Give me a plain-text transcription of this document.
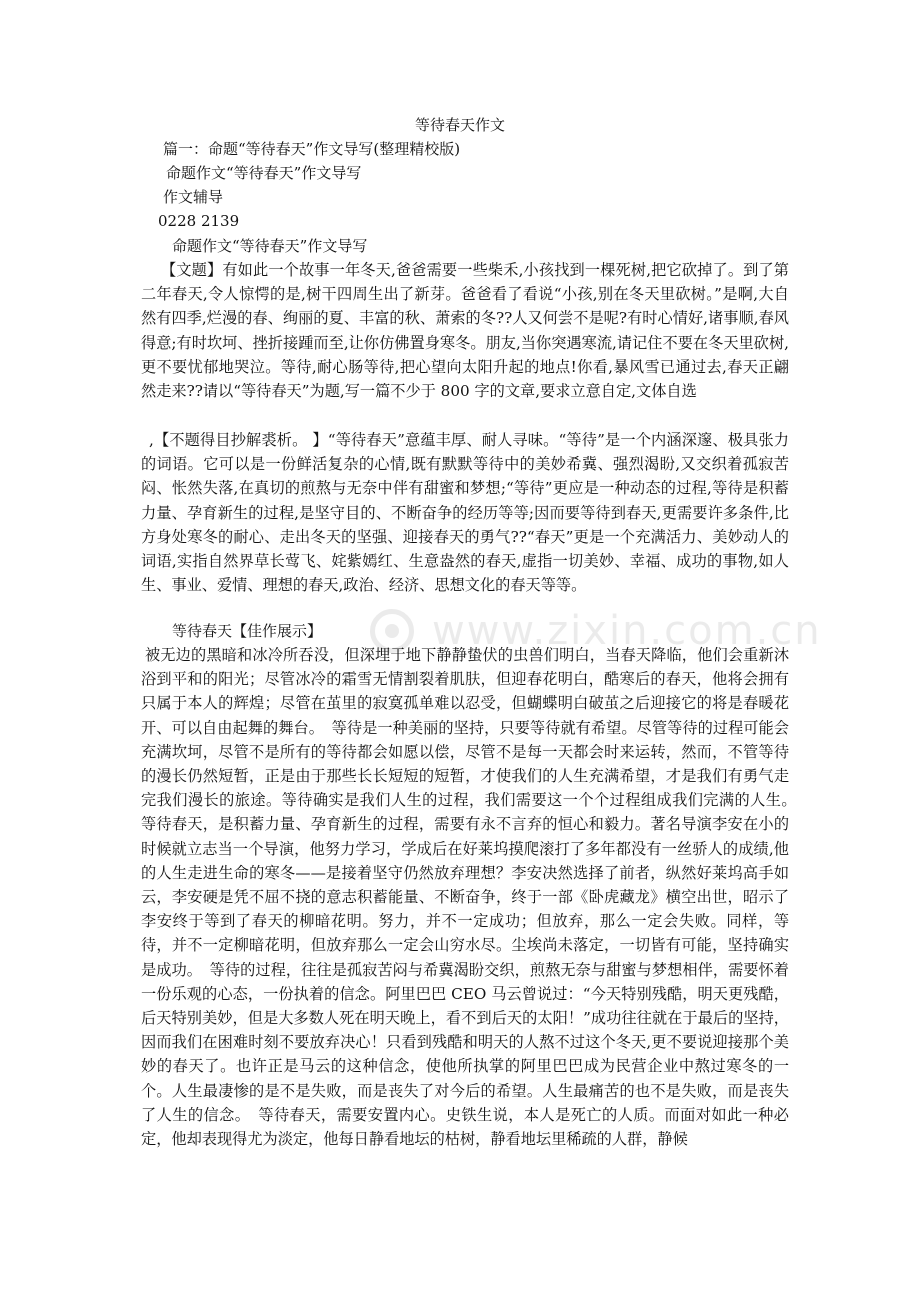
www.zixin.com.cn
等待春天作文
篇一：命题“等待春天”作文导写(整理精校版)
命题作文“等待春天”作文导写
作文辅导
0228 2139
命题作文“等待春天”作文导写
【文题】有如此一个故事一年冬天,爸爸需要一些柴禾,小孩找到一棵死树,把它砍掉了。到了第二年春天,令人惊愕的是,树干四周生出了新芽。爸爸看了看说“小孩,别在冬天里砍树。”是啊,大自然有四季,烂漫的春、绚丽的夏、丰富的秋、萧索的冬??人又何尝不是呢?有时心情好,诸事顺,春风得意;有时坎坷、挫折接踵而至,让你仿佛置身寒冬。朋友,当你突遇寒流,请记住不要在冬天里砍树,更不要忧郁地哭泣。等待,耐心肠等待,把心望向太阳升起的地点!你看,暴风雪已通过去,春天正翩然走来??请以“等待春天”为题,写一篇不少于 800 字的文章,要求立意自定,文体自选
,【不题得目抄解裘析。 】“等待春天”意蕴丰厚、耐人寻味。“等待”是一个内涵深邃、极具张力的词语。它可以是一份鲜活复杂的心情,既有默默等待中的美妙希冀、强烈渴盼,又交织着孤寂苦闷、怅然失落,在真切的煎熬与无奈中伴有甜蜜和梦想;“等待”更应是一种动态的过程,等待是积蓄力量、孕育新生的过程,是坚守目的、不断奋争的经历等等;因而要等待到春天,更需要许多条件,比方身处寒冬的耐心、走出冬天的坚强、迎接春天的勇气??“春天”更是一个充满活力、美妙动人的词语,实指自然界草长莺飞、姹紫嫣红、生意盎然的春天,虚指一切美妙、幸福、成功的事物,如人生、事业、爱情、理想的春天,政治、经济、思想文化的春天等等。
等待春天【佳作展示】
被无边的黑暗和冰冷所吞没，但深埋于地下静静蛰伏的虫兽们明白，当春天降临，他们会重新沐浴到平和的阳光；尽管冰冷的霜雪无情割裂着肌肤，但迎春花明白，酷寒后的春天，他将会拥有只属于本人的辉煌；尽管在茧里的寂寞孤单难以忍受，但蝴蝶明白破茧之后迎接它的将是春暖花开、可以自由起舞的舞台。　等待是一种美丽的坚持，只要等待就有希望。尽管等待的过程可能会充满坎坷，尽管不是所有的等待都会如愿以偿，尽管不是每一天都会时来运转，然而，不管等待的漫长仍然短暂，正是由于那些长长短短的短暂，才使我们的人生充满希望，才是我们有勇气走完我们漫长的旅途。等待确实是我们人生的过程，我们需要这一个个过程组成我们完满的人生。　等待春天，是积蓄力量、孕育新生的过程，需要有永不言弃的恒心和毅力。著名导演李安在小的时候就立志当一个导演，他努力学习，学成后在好莱坞摸爬滚打了多年都没有一丝骄人的成绩,他的人生走进生命的寒冬——是接着坚守仍然放弃理想？李安决然选择了前者，纵然好莱坞高手如云，李安硬是凭不屈不挠的意志积蓄能量、不断奋争，终于一部《卧虎藏龙》横空出世，昭示了李安终于等到了春天的柳暗花明。努力，并不一定成功；但放弃，那么一定会失败。同样，等待，并不一定柳暗花明，但放弃那么一定会山穷水尽。尘埃尚未落定，一切皆有可能，坚持确实是成功。　等待的过程，往往是孤寂苦闷与希冀渴盼交织，煎熬无奈与甜蜜与梦想相伴，需要怀着一份乐观的心态，一份执着的信念。阿里巴巴 CEO 马云曾说过：“今天特别残酷，明天更残酷，后天特别美妙，但是大多数人死在明天晚上，看不到后天的太阳！”成功往往就在于最后的坚持，因而我们在困难时刻不要放弃决心！只看到残酷和明天的人熬不过这个冬天,更不要说迎接那个美妙的春天了。也许正是马云的这种信念，使他所执掌的阿里巴巴成为民营企业中熬过寒冬的一个。人生最凄惨的是不是失败，而是丧失了对今后的希望。人生最痛苦的也不是失败，而是丧失了人生的信念。　等待春天，需要安置内心。史铁生说，本人是死亡的人质。而面对如此一种必定，他却表现得尤为淡定，他每日静看地坛的枯树，静看地坛里稀疏的人群，静候
